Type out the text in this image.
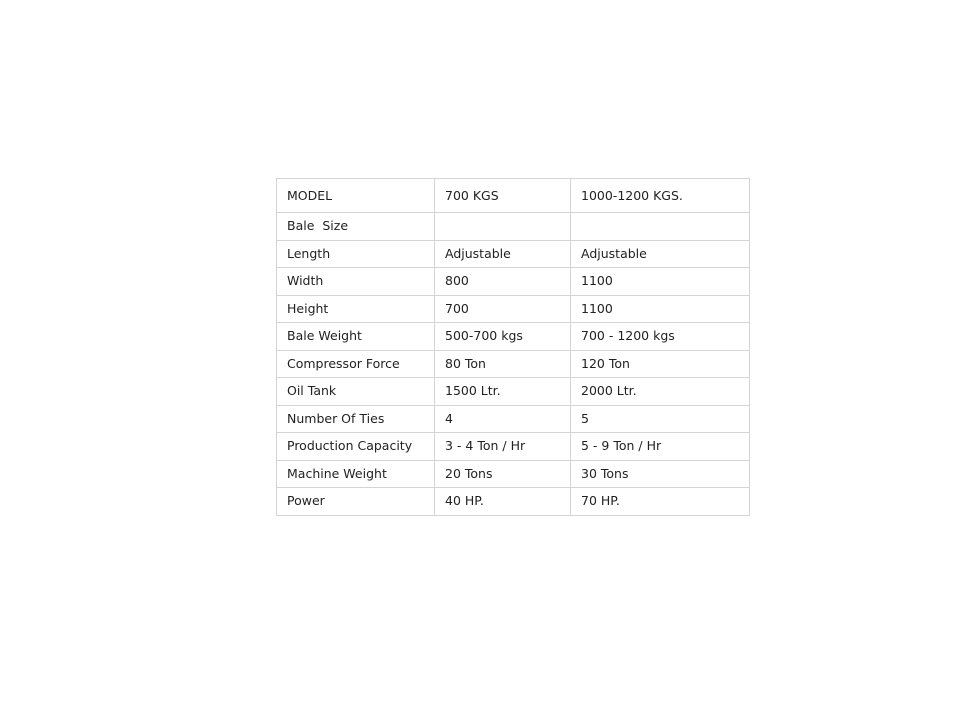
MODEL	700 KGS	1000-1200 KGS.
Bale  Size		
Length	Adjustable	Adjustable
Width	800	1100
Height	700	1100
Bale Weight	500-700 kgs	700 - 1200 kgs
Compressor Force	80 Ton	120 Ton
Oil Tank	1500 Ltr.	2000 Ltr.
Number Of Ties	4	5
Production Capacity	3 - 4 Ton / Hr	5 - 9 Ton / Hr
Machine Weight	20 Tons	30 Tons
Power	40 HP.	70 HP.
